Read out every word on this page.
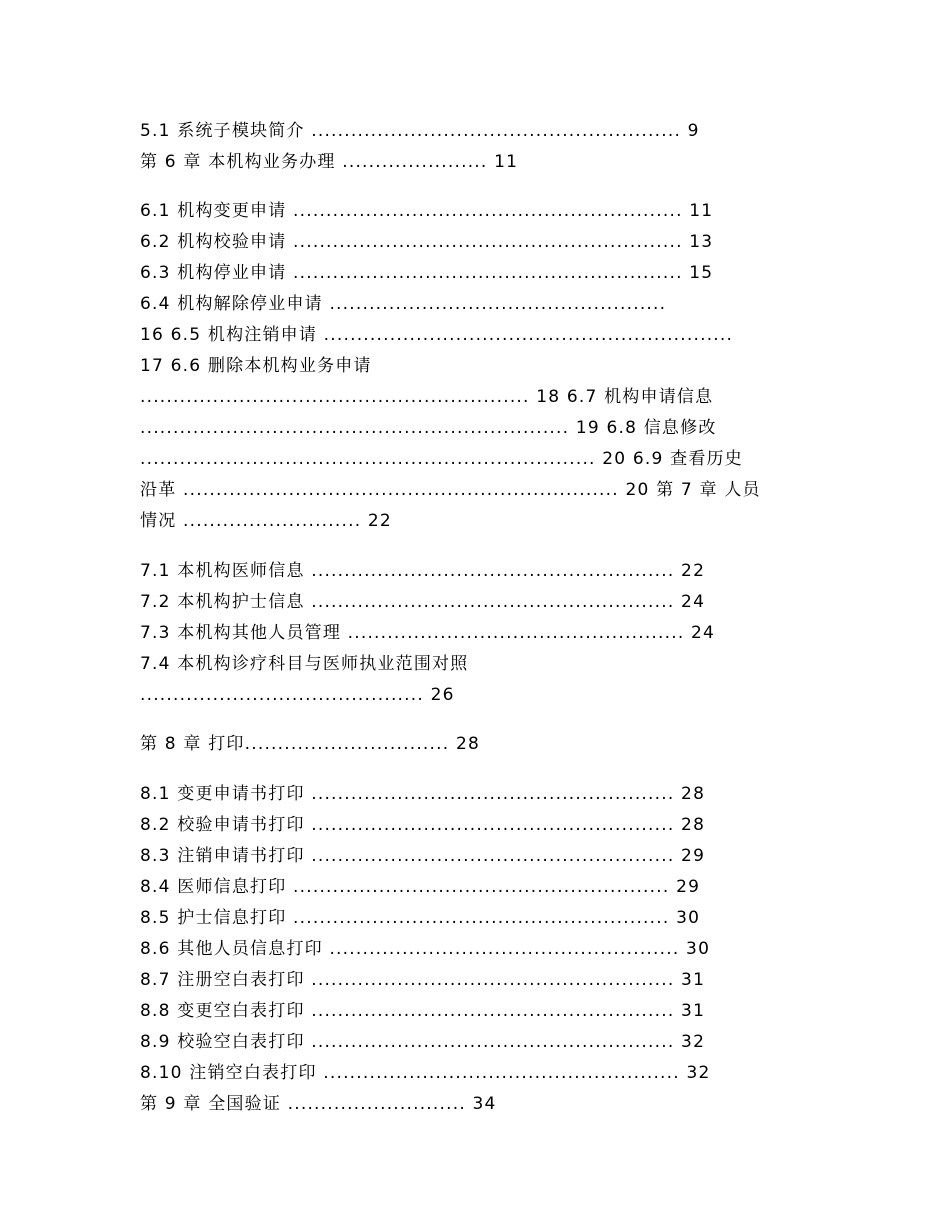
5.1 系统子模块简介 ........................................................ 9
第 6 章 本机构业务办理 ...................... 11
6.1 机构变更申请 ........................................................... 11
6.2 机构校验申请 ........................................................... 13
6.3 机构停业申请 ........................................................... 15
6.4 机构解除停业申请 ...................................................
16 6.5 机构注销申请 ..............................................................
17 6.6 删除本机构业务申请
........................................................... 18 6.7 机构申请信息
................................................................. 19 6.8 信息修改
..................................................................... 20 6.9 查看历史
沿革 .................................................................. 20 第 7 章 人员
情况 ........................... 22
7.1 本机构医师信息 ....................................................... 22
7.2 本机构护士信息 ....................................................... 24
7.3 本机构其他人员管理 ................................................... 24
7.4 本机构诊疗科目与医师执业范围对照
........................................... 26
第 8 章 打印............................... 28
8.1 变更申请书打印 ....................................................... 28
8.2 校验申请书打印 ....................................................... 28
8.3 注销申请书打印 ....................................................... 29
8.4 医师信息打印 ......................................................... 29
8.5 护士信息打印 ......................................................... 30
8.6 其他人员信息打印 ..................................................... 30
8.7 注册空白表打印 ....................................................... 31
8.8 变更空白表打印 ....................................................... 31
8.9 校验空白表打印 ....................................................... 32
8.10 注销空白表打印 ...................................................... 32
第 9 章 全国验证 ........................... 34
